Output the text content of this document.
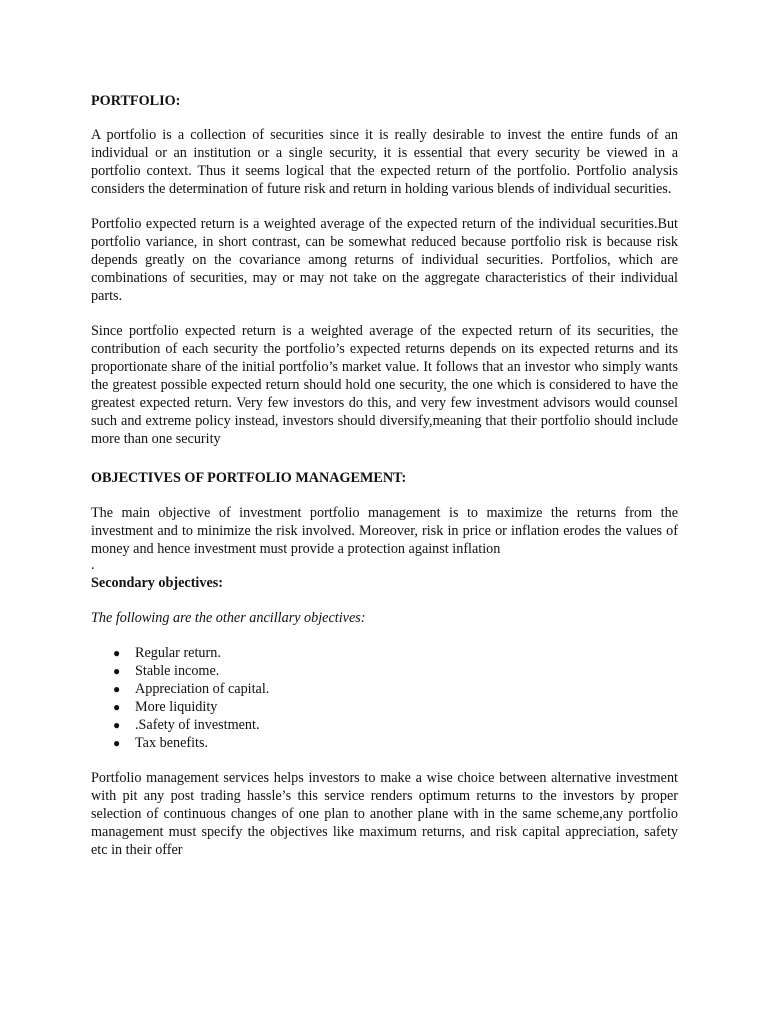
PORTFOLIO:

A portfolio is a collection of securities since it is really desirable to invest the entire funds of an individual or an institution or a single security, it is essential that every security be viewed in a portfolio context. Thus it seems logical that the expected return of the portfolio. Portfolio analysis considers the determination of future risk and return in holding various blends of individual securities.

Portfolio expected return is a weighted average of the expected return of the individual securities.But portfolio variance, in short contrast, can be somewhat reduced because portfolio risk is because risk depends greatly on the covariance among returns of individual securities. Portfolios, which are combinations of securities, may or may not take on the aggregate characteristics of their individual parts.

Since portfolio expected return is a weighted average of the expected return of its securities, the contribution of each security the portfolio’s expected returns depends on its expected returns and its proportionate share of the initial portfolio’s market value. It follows that an investor who simply wants the greatest possible expected return should hold one security, the one which is considered to have the greatest expected return. Very few investors do this, and very few investment advisors would counsel such and extreme policy instead, investors should diversify,meaning that their portfolio should include more than one security

OBJECTIVES OF PORTFOLIO MANAGEMENT:

The main objective of investment portfolio management is to maximize the returns from the investment and to minimize the risk involved. Moreover, risk in price or inflation erodes the values of money and hence investment must provide a protection against inflation

.

Secondary objectives:

The following are the other ancillary objectives:

● Regular return.
● Stable income.
● Appreciation of capital.
● More liquidity
● .Safety of investment.
● Tax benefits.

Portfolio management services helps investors to make a wise choice between alternative investment with pit any post trading hassle’s this service renders optimum returns to the investors by proper selection of continuous changes of one plan to another plane with in the same scheme,any portfolio management must specify the objectives like maximum returns, and risk capital appreciation, safety etc in their offer
